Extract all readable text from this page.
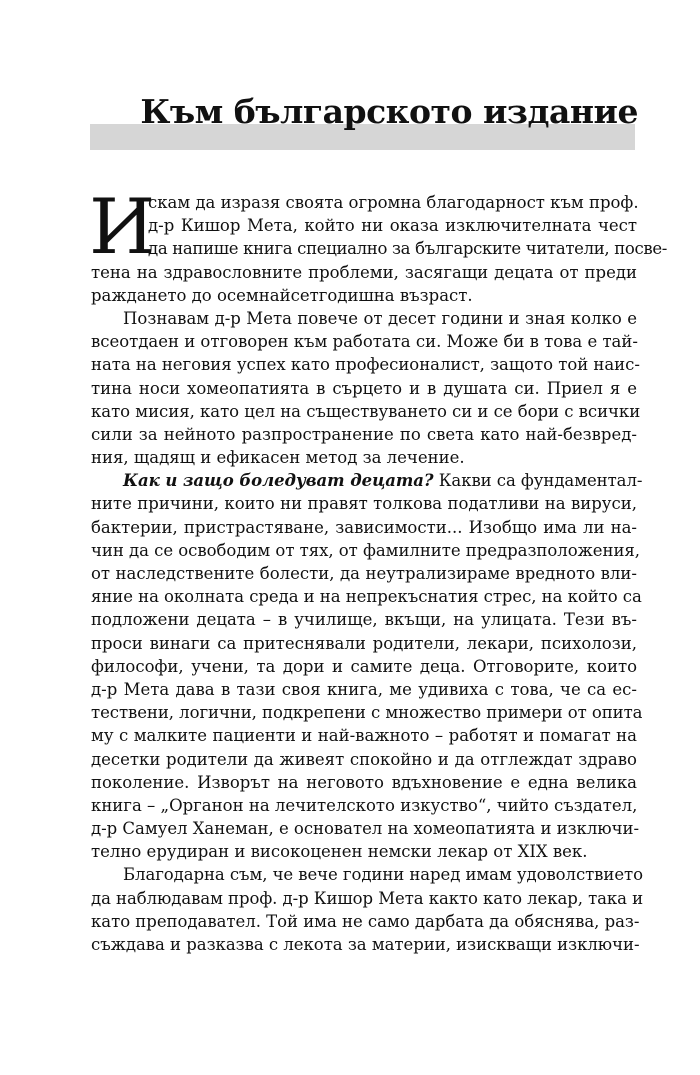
Към българското издание
И
скам да изразя своята огромна благодарност към проф.
д-р Кишор Мета, който ни оказа изключителната чест
да напише книга специално за българските читатели, посве-
тена на здравословните проблеми, засягащи децата от преди
раждането до осемнайсетгодишна възраст.
Познавам д-р Мета повече от десет години и зная колко е
всеотдаен и отговорен към работата си. Може би в това е тай-
ната на неговия успех като професионалист, защото той наис-
тина носи хомеопатията в сърцето и в душата си. Приел я е
като мисия, като цел на съществуването си и се бори с всички
сили за нейното разпространение по света като най-безвред-
ния, щадящ и ефикасен метод за лечение.
Как и защо боледуват децата? Какви са фундаментал-
ните причини, които ни правят толкова податливи на вируси,
бактерии, пристрастяване, зависимости... Изобщо има ли на-
чин да се освободим от тях, от фамилните предразположения,
от наследствените болести, да неутрализираме вредното вли-
яние на околната среда и на непрекъснатия стрес, на който са
подложени децата – в училище, вкъщи, на улицата. Тези въ-
проси винаги са притеснявали родители, лекари, психолози,
философи, учени, та дори и самите деца. Отговорите, които
д-р Мета дава в тази своя книга, ме удивиха с това, че са ес-
тествени, логични, подкрепени с множество примери от опита
му с малките пациенти и най-важното – работят и помагат на
десетки родители да живеят спокойно и да отглеждат здраво
поколение. Изворът на неговото вдъхновение е една велика
книга – „Органон на лечителското изкуство“, чийто създател,
д-р Самуел Ханеман, е основател на хомеопатията и изключи-
телно ерудиран и високоценен немски лекар от XIX век.
Благодарна съм, че вече години наред имам удоволствието
да наблюдавам проф. д-р Кишор Мета както като лекар, така и
като преподавател. Той има не само дарбата да обяснява, раз-
съждава и разказва с лекота за материи, изискващи изключи-
